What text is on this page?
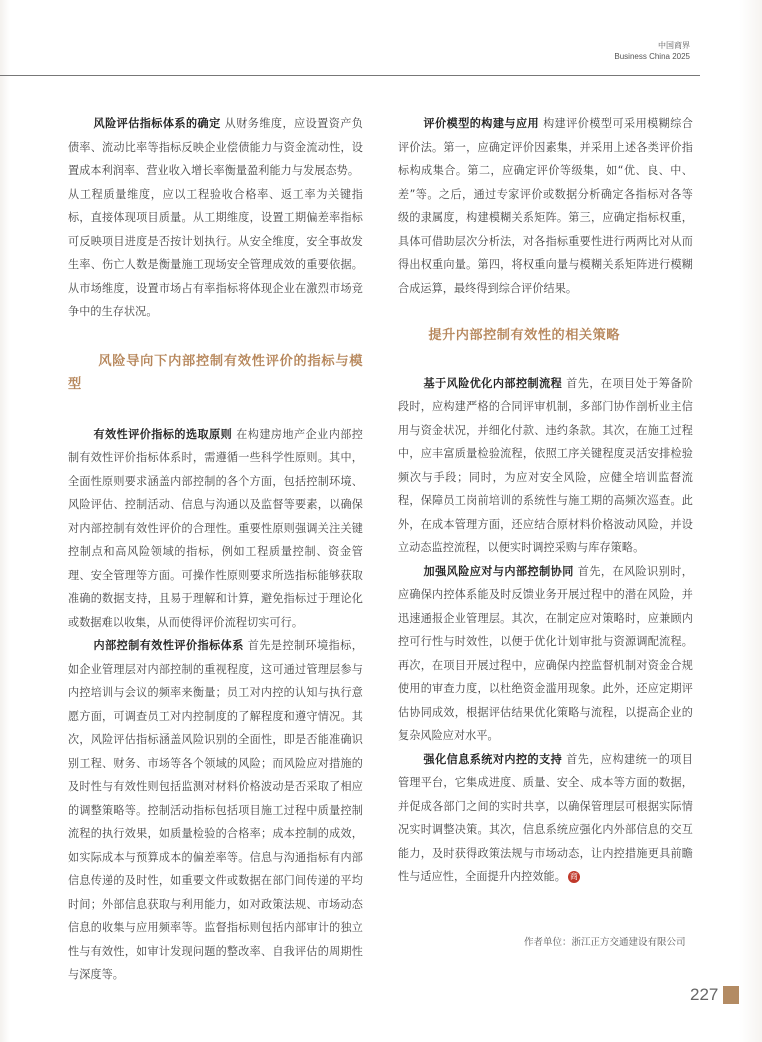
中国商界
Business China 2025

风险评估指标体系的确定 从财务维度，应设置资产负债率、流动比率等指标反映企业偿债能力与资金流动性，设置成本利润率、营业收入增长率衡量盈利能力与发展态势。

从工程质量维度，应以工程验收合格率、返工率为关键指标，直接体现项目质量。从工期维度，设置工期偏差率指标可反映项目进度是否按计划执行。从安全维度，安全事故发生率、伤亡人数是衡量施工现场安全管理成效的重要依据。从市场维度，设置市场占有率指标将体现企业在激烈市场竞争中的生存状况。

风险导向下内部控制有效性评价的指标与模型

有效性评价指标的选取原则 在构建房地产企业内部控制有效性评价指标体系时，需遵循一些科学性原则。其中，全面性原则要求涵盖内部控制的各个方面，包括控制环境、风险评估、控制活动、信息与沟通以及监督等要素，以确保对内部控制有效性评价的合理性。重要性原则强调关注关键控制点和高风险领域的指标，例如工程质量控制、资金管理、安全管理等方面。可操作性原则要求所选指标能够获取准确的数据支持，且易于理解和计算，避免指标过于理论化或数据难以收集，从而使得评价流程切实可行。

内部控制有效性评价指标体系 首先是控制环境指标，如企业管理层对内部控制的重视程度，这可通过管理层参与内控培训与会议的频率来衡量；员工对内控的认知与执行意愿方面，可调查员工对内控制度的了解程度和遵守情况。其次，风险评估指标涵盖风险识别的全面性，即是否能准确识别工程、财务、市场等各个领域的风险；而风险应对措施的及时性与有效性则包括监测对材料价格波动是否采取了相应的调整策略等。控制活动指标包括项目施工过程中质量控制流程的执行效果，如质量检验的合格率；成本控制的成效，如实际成本与预算成本的偏差率等。信息与沟通指标有内部信息传递的及时性，如重要文件或数据在部门间传递的平均时间；外部信息获取与利用能力，如对政策法规、市场动态信息的收集与应用频率等。监督指标则包括内部审计的独立性与有效性，如审计发现问题的整改率、自我评估的周期性与深度等。

评价模型的构建与应用 构建评价模型可采用模糊综合评价法。第一，应确定评价因素集，并采用上述各类评价指标构成集合。第二，应确定评价等级集，如“优、良、中、差”等。之后，通过专家评价或数据分析确定各指标对各等级的隶属度，构建模糊关系矩阵。第三，应确定指标权重，具体可借助层次分析法，对各指标重要性进行两两比对从而得出权重向量。第四，将权重向量与模糊关系矩阵进行模糊合成运算，最终得到综合评价结果。

提升内部控制有效性的相关策略

基于风险优化内部控制流程 首先，在项目处于筹备阶段时，应构建严格的合同评审机制，多部门协作剖析业主信用与资金状况，并细化付款、违约条款。其次，在施工过程中，应丰富质量检验流程，依照工序关键程度灵活安排检验频次与手段；同时，为应对安全风险，应健全培训监督流程，保障员工岗前培训的系统性与施工期的高频次巡查。此外，在成本管理方面，还应结合原材料价格波动风险，并设立动态监控流程，以便实时调控采购与库存策略。

加强风险应对与内部控制协同 首先，在风险识别时，应确保内控体系能及时反馈业务开展过程中的潜在风险，并迅速通报企业管理层。其次，在制定应对策略时，应兼顾内控可行性与时效性，以便于优化计划审批与资源调配流程。再次，在项目开展过程中，应确保内控监督机制对资金合规使用的审查力度，以杜绝资金滥用现象。此外，还应定期评估协同成效，根据评估结果优化策略与流程，以提高企业的复杂风险应对水平。

强化信息系统对内控的支持 首先，应构建统一的项目管理平台，它集成进度、质量、安全、成本等方面的数据，并促成各部门之间的实时共享，以确保管理层可根据实际情况实时调整决策。其次，信息系统应强化内外部信息的交互能力，及时获得政策法规与市场动态，让内控措施更具前瞻性与适应性，全面提升内控效能。 商

作者单位：浙江正方交通建设有限公司
227
